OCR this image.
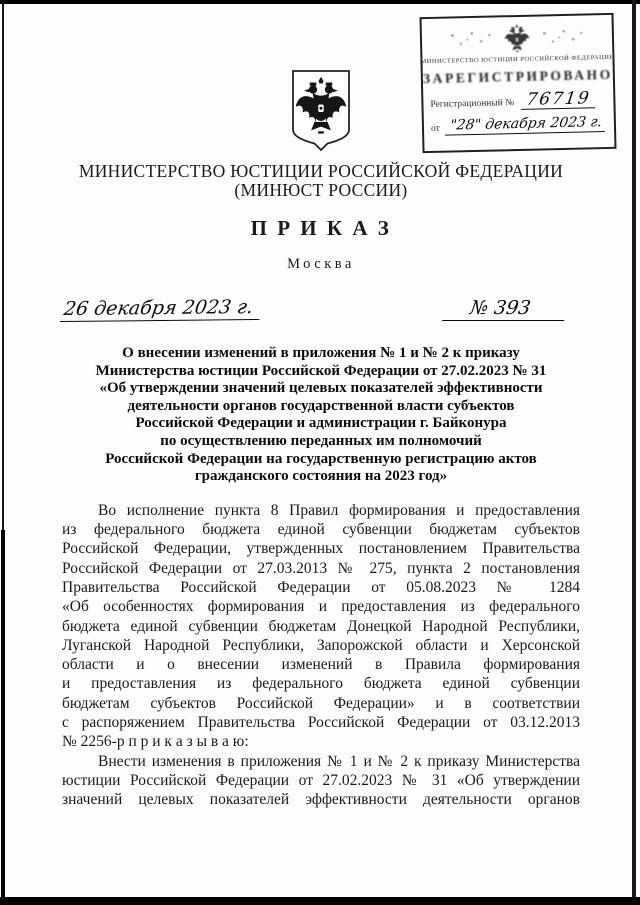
МИНИСТЕРСТВО ЮСТИЦИИ РОССИЙСКОЙ ФЕДЕРАЦИИ
ЗАРЕГИСТРИРОВАНО
Регистрационный № 76719
от "28" декабря 2023 г.
МИНИСТЕРСТВО ЮСТИЦИИ РОССИЙСКОЙ ФЕДЕРАЦИИ
(МИНЮСТ РОССИИ)
П Р И К А З
Москва
26 декабря 2023 г.	№ 393
О внесении изменений в приложения № 1 и № 2 к приказу
Министерства юстиции Российской Федерации от 27.02.2023 № 31
«Об утверждении значений целевых показателей эффективности
деятельности органов государственной власти субъектов
Российской Федерации и администрации г. Байконура
по осуществлению переданных им полномочий
Российской Федерации на государственную регистрацию актов
гражданского состояния на 2023 год»
Во исполнение пункта 8 Правил формирования и предоставления
из федерального бюджета единой субвенции бюджетам субъектов
Российской Федерации, утвержденных постановлением Правительства
Российской Федерации от 27.03.2013 № 275, пункта 2 постановления
Правительства Российской Федерации от 05.08.2023 № 1284
«Об особенностях формирования и предоставления из федерального
бюджета единой субвенции бюджетам Донецкой Народной Республики,
Луганской Народной Республики, Запорожской области и Херсонской
области и о внесении изменений в Правила формирования
и предоставления из федерального бюджета единой субвенции
бюджетам субъектов Российской Федерации» и в соответствии
с распоряжением Правительства Российской Федерации от 03.12.2013
№ 2256-р п р и к а з ы в а ю:
Внести изменения в приложения № 1 и № 2 к приказу Министерства
юстиции Российской Федерации от 27.02.2023 № 31 «Об утверждении
значений целевых показателей эффективности деятельности органов
